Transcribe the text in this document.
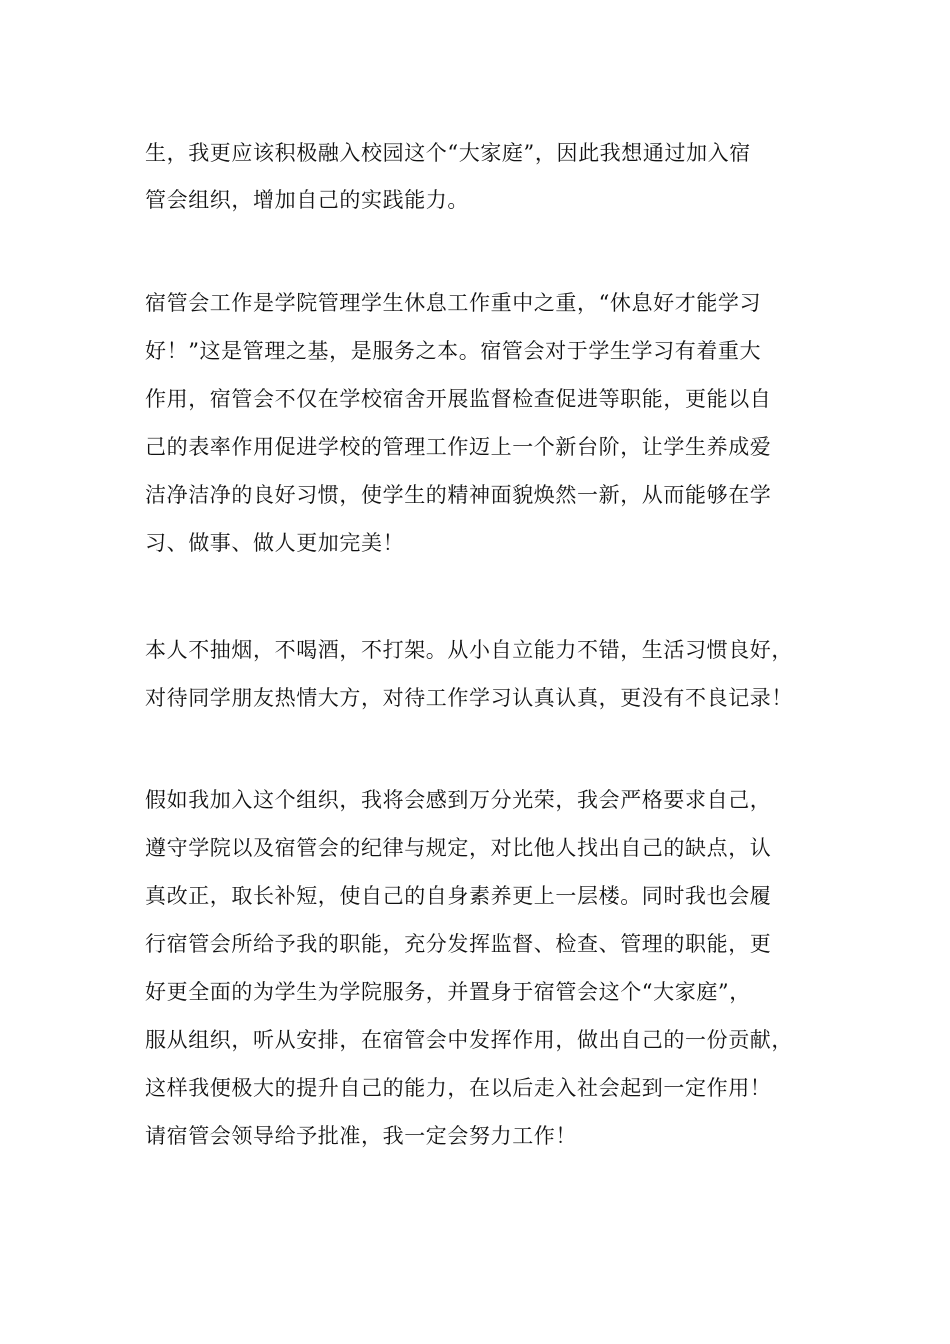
生，我更应该积极融入校园这个“大家庭”，因此我想通过加入宿
管会组织，增加自己的实践能力。
宿管会工作是学院管理学生休息工作重中之重，“休息好才能学习
好！”这是管理之基，是服务之本。宿管会对于学生学习有着重大
作用，宿管会不仅在学校宿舍开展监督检查促进等职能，更能以自
己的表率作用促进学校的管理工作迈上一个新台阶，让学生养成爱
洁净洁净的良好习惯，使学生的精神面貌焕然一新，从而能够在学
习、做事、做人更加完美！
本人不抽烟，不喝酒，不打架。从小自立能力不错，生活习惯良好，
对待同学朋友热情大方，对待工作学习认真认真，更没有不良记录！
假如我加入这个组织，我将会感到万分光荣，我会严格要求自己，
遵守学院以及宿管会的纪律与规定，对比他人找出自己的缺点，认
真改正，取长补短，使自己的自身素养更上一层楼。同时我也会履
行宿管会所给予我的职能，充分发挥监督、检查、管理的职能，更
好更全面的为学生为学院服务，并置身于宿管会这个“大家庭”，
服从组织，听从安排，在宿管会中发挥作用，做出自己的一份贡献，
这样我便极大的提升自己的能力，在以后走入社会起到一定作用！
请宿管会领导给予批准，我一定会努力工作！
